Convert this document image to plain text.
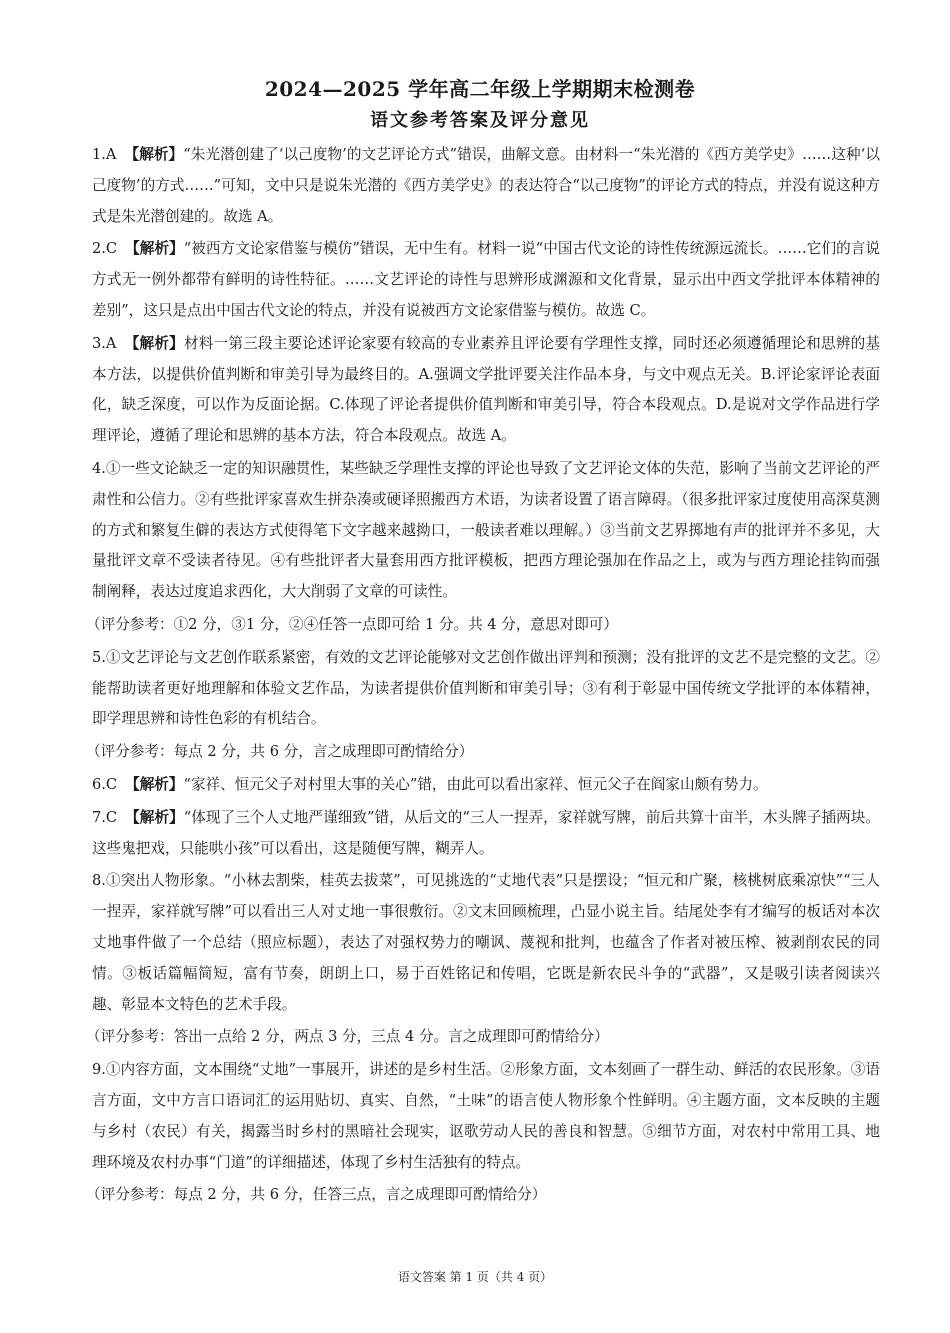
2024—2025 学年高二年级上学期期末检测卷
语文参考答案及评分意见

1.A 【解析】“朱光潜创建了‘以己度物’的文艺评论方式”错误，曲解文意。由材料一“朱光潜的《西方美学史》……这种‘以己度物’的方式……”可知，文中只是说朱光潜的《西方美学史》的表达符合“以己度物”的评论方式的特点，并没有说这种方式是朱光潜创建的。故选 A。

2.C 【解析】“被西方文论家借鉴与模仿”错误，无中生有。材料一说“中国古代文论的诗性传统源远流长。……它们的言说方式无一例外都带有鲜明的诗性特征。……文艺评论的诗性与思辨形成渊源和文化背景，显示出中西文学批评本体精神的差别”，这只是点出中国古代文论的特点，并没有说被西方文论家借鉴与模仿。故选 C。

3.A 【解析】材料一第三段主要论述评论家要有较高的专业素养且评论要有学理性支撑，同时还必须遵循理论和思辨的基本方法，以提供价值判断和审美引导为最终目的。A.强调文学批评要关注作品本身，与文中观点无关。B.评论家评论表面化，缺乏深度，可以作为反面论据。C.体现了评论者提供价值判断和审美引导，符合本段观点。D.是说对文学作品进行学理评论，遵循了理论和思辨的基本方法，符合本段观点。故选 A。

4.①一些文论缺乏一定的知识融贯性，某些缺乏学理性支撑的评论也导致了文艺评论文体的失范，影响了当前文艺评论的严肃性和公信力。②有些批评家喜欢生拼杂凑或硬译照搬西方术语，为读者设置了语言障碍。（很多批评家过度使用高深莫测的方式和繁复生僻的表达方式使得笔下文字越来越拗口，一般读者难以理解。）③当前文艺界掷地有声的批评并不多见，大量批评文章不受读者待见。④有些批评者大量套用西方批评模板，把西方理论强加在作品之上，或为与西方理论挂钩而强制阐释，表达过度追求西化，大大削弱了文章的可读性。

（评分参考：①2 分，③1 分，②④任答一点即可给 1 分。共 4 分，意思对即可）

5.①文艺评论与文艺创作联系紧密，有效的文艺评论能够对文艺创作做出评判和预测；没有批评的文艺不是完整的文艺。②能帮助读者更好地理解和体验文艺作品，为读者提供价值判断和审美引导；③有利于彰显中国传统文学批评的本体精神，即学理思辨和诗性色彩的有机结合。

（评分参考：每点 2 分，共 6 分，言之成理即可酌情给分）

6.C 【解析】“家祥、恒元父子对村里大事的关心”错，由此可以看出家祥、恒元父子在阎家山颇有势力。

7.C 【解析】“体现了三个人丈地严谨细致”错，从后文的“三人一捏弄，家祥就写牌，前后共算十亩半，木头牌子插两块。这些鬼把戏，只能哄小孩”可以看出，这是随便写牌，糊弄人。

8.①突出人物形象。“小林去割柴，桂英去拔菜”，可见挑选的“丈地代表”只是摆设；“恒元和广聚，核桃树底乘凉快”“三人一捏弄，家祥就写牌”可以看出三人对丈地一事很敷衍。②文末回顾梳理，凸显小说主旨。结尾处李有才编写的板话对本次丈地事件做了一个总结（照应标题），表达了对强权势力的嘲讽、蔑视和批判，也蕴含了作者对被压榨、被剥削农民的同情。③板话篇幅简短，富有节奏，朗朗上口，易于百姓铭记和传唱，它既是新农民斗争的“武器”，又是吸引读者阅读兴趣、彰显本文特色的艺术手段。

（评分参考：答出一点给 2 分，两点 3 分，三点 4 分。言之成理即可酌情给分）

9.①内容方面，文本围绕“丈地”一事展开，讲述的是乡村生活。②形象方面，文本刻画了一群生动、鲜活的农民形象。③语言方面，文中方言口语词汇的运用贴切、真实、自然，“土味”的语言使人物形象个性鲜明。④主题方面，文本反映的主题与乡村（农民）有关，揭露当时乡村的黑暗社会现实，讴歌劳动人民的善良和智慧。⑤细节方面，对农村中常用工具、地理环境及农村办事“门道”的详细描述，体现了乡村生活独有的特点。

（评分参考：每点 2 分，共 6 分，任答三点，言之成理即可酌情给分）

语文答案 第 1 页（共 4 页）
